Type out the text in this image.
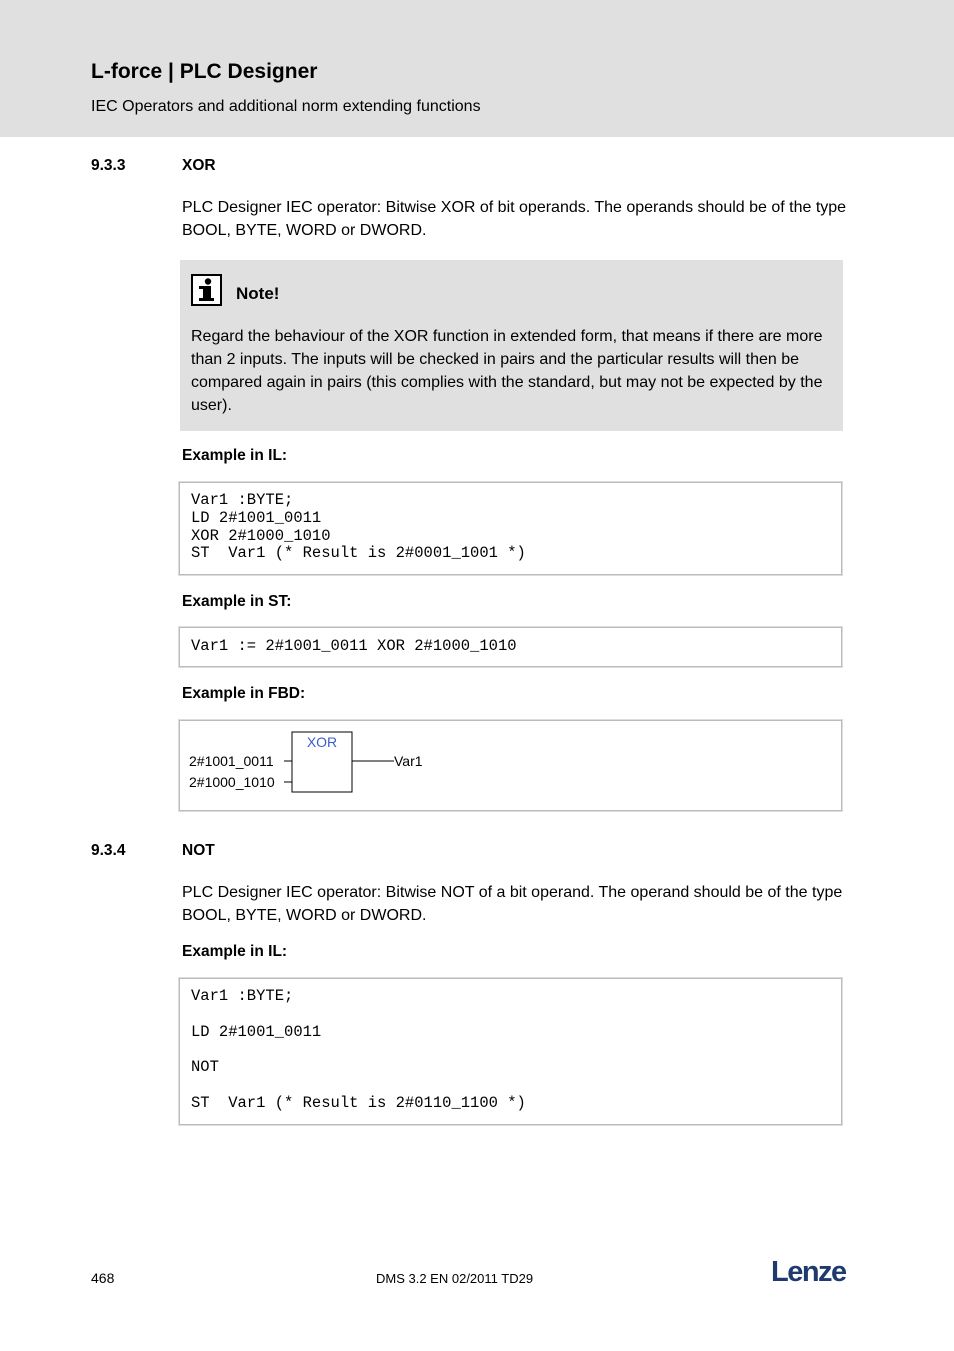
L-force | PLC Designer
IEC Operators and additional norm extending functions
9.3.3	XOR

PLC Designer IEC operator: Bitwise XOR of bit operands. The operands should be of the type BOOL, BYTE, WORD or DWORD.

Note!

Regard the behaviour of the XOR function in extended form, that means if there are more than 2 inputs. The inputs will be checked in pairs and the particular results will then be compared again in pairs (this complies with the standard, but may not be expected by the user).

Example in IL:
Var1 :BYTE;
LD 2#1001_0011
XOR 2#1000_1010
ST  Var1 (* Result is 2#0001_1001 *)
Example in ST:
Var1 := 2#1001_0011 XOR 2#1000_1010
Example in FBD:
XOR
2#1001_0011
2#1000_1010
Var1
9.3.4	NOT

PLC Designer IEC operator: Bitwise NOT of a bit operand. The operand should be of the type BOOL, BYTE, WORD or DWORD.

Example in IL:
Var1 :BYTE;
LD 2#1001_0011
NOT
ST  Var1 (* Result is 2#0110_1100 *)
468	DMS 3.2 EN 02/2011 TD29	Lenze
